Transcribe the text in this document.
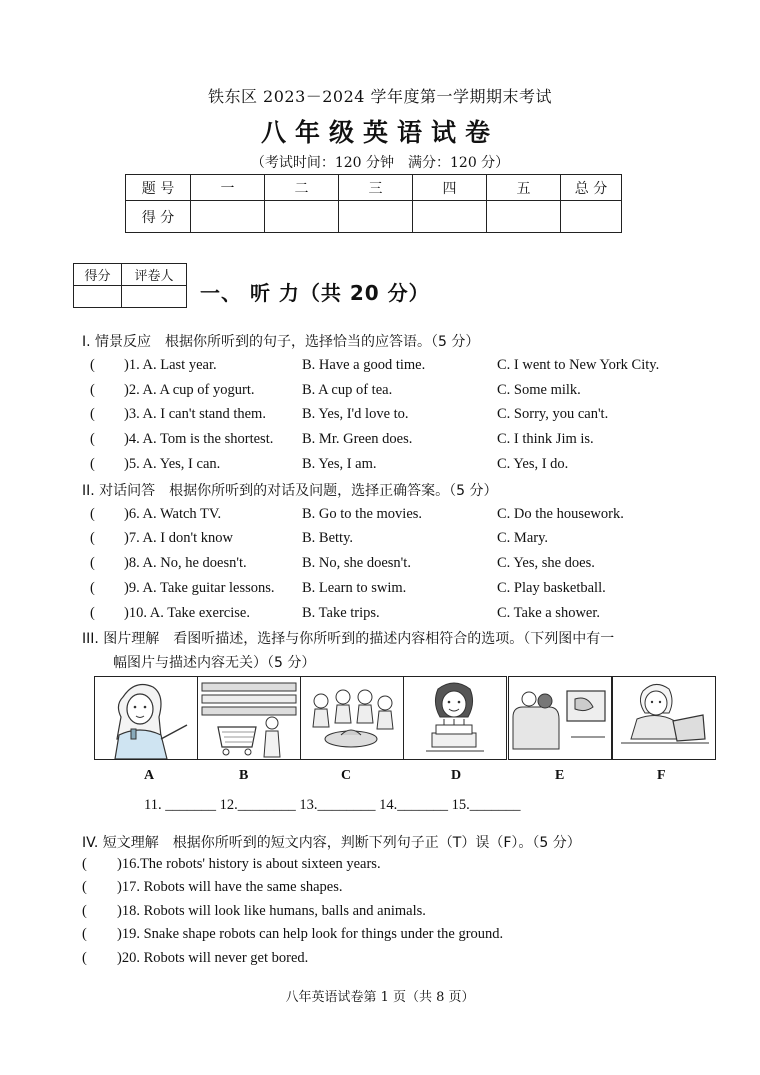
铁东区 2023－2024 学年度第一学期期末考试
八年级英语试卷
（考试时间：120 分钟　满分：120 分）
题 号	一	二	三	四	五	总 分
得 分						
得分	评卷人

一、 听 力（共 20 分）
I. 情景反应　根据你所听到的句子，选择恰当的应答语。（5 分）
II. 对话问答　根据你所听到的对话及问题，选择正确答案。（5 分）
III. 图片理解　看图听描述，选择与你所听到的描述内容相符合的选项。（下列图中有一
幅图片与描述内容无关）（5 分）
A	B	C	D	E	F
11. _______ 12.________ 13.________ 14._______ 15._______
IV. 短文理解　根据你所听到的短文内容，判断下列句子正（T）误（F）。（5 分）
八年英语试卷第 1 页（共 8 页）
( )1. A. Last year.	B. Have a good time.	C. I went to New York City.
( )2. A. A cup of yogurt.	B. A cup of tea.	C. Some milk.
( )3. A. I can't stand them. B. Yes, I'd love to.	C. Sorry, you can't.
( )4. A. Tom is the shortest. B. Mr. Green does.	C. I think Jim is.
( )5. A. Yes, I can.	B. Yes, I am.	C. Yes, I do.
( )6. A. Watch TV.	B. Go to the movies.	C. Do the housework.
( )7. A. I don't know	B. Betty.	C. Mary.
( )8. A. No, he doesn't.	B. No, she doesn't.	C. Yes, she does.
( )9. A. Take guitar lessons. B. Learn to swim.	C. Play basketball.
( )10. A. Take exercise.	B. Take trips.	C. Take a shower.
( )16.The robots' history is about sixteen years.
( )17. Robots will have the same shapes.
( )18. Robots will look like humans, balls and animals.
( )19. Snake shape robots can help look for things under the ground.
( )20. Robots will never get bored.
